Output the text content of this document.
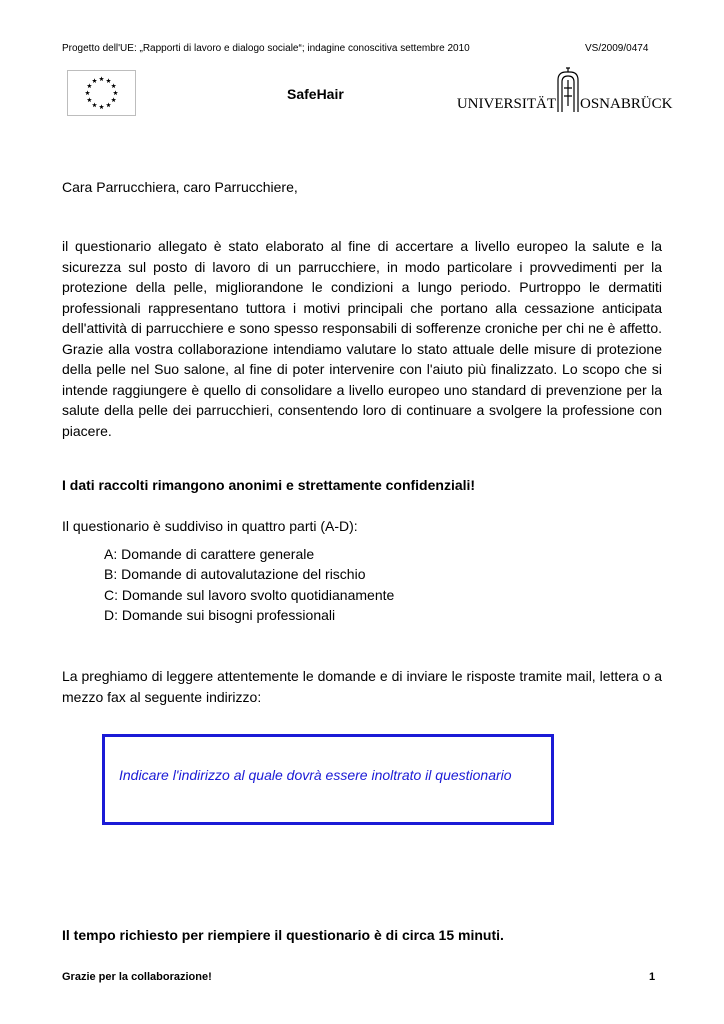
Progetto dell'UE: „Rapporti di lavoro e dialogo sociale“; indagine conoscitiva settembre 2010	VS/2009/0474
SafeHair
UNIVERSITÄT OSNABRÜCK
Cara Parrucchiera, caro Parrucchiere,
il questionario allegato è stato elaborato al fine di accertare a livello europeo la salute e la sicurezza sul posto di lavoro di un parrucchiere, in modo particolare i provvedimenti per la protezione della pelle, migliorandone le condizioni a lungo periodo. Purtroppo le dermatiti professionali rappresentano tuttora i motivi principali che portano alla cessazione anticipata dell'attività di parrucchiere e sono spesso responsabili di sofferenze croniche per chi ne è affetto. Grazie alla vostra collaborazione intendiamo valutare lo stato attuale delle misure di protezione della pelle nel Suo salone, al fine di poter intervenire con l'aiuto più finalizzato. Lo scopo che si intende raggiungere è quello di consolidare a livello europeo uno standard di prevenzione per la salute della pelle dei parrucchieri, consentendo loro di continuare a svolgere la professione con piacere.
I dati raccolti rimangono anonimi e strettamente confidenziali!
Il questionario è suddiviso in quattro parti (A-D):
A: Domande di carattere generale
B: Domande di autovalutazione del rischio
C: Domande sul lavoro svolto quotidianamente
D: Domande sui bisogni professionali
La preghiamo di leggere attentemente le domande e di inviare le risposte tramite mail, lettera o a mezzo fax al seguente indirizzo:
Indicare l'indirizzo al quale dovrà essere inoltrato il questionario
Il tempo richiesto per riempiere il questionario è di circa 15 minuti.
Grazie per la collaborazione!	1
